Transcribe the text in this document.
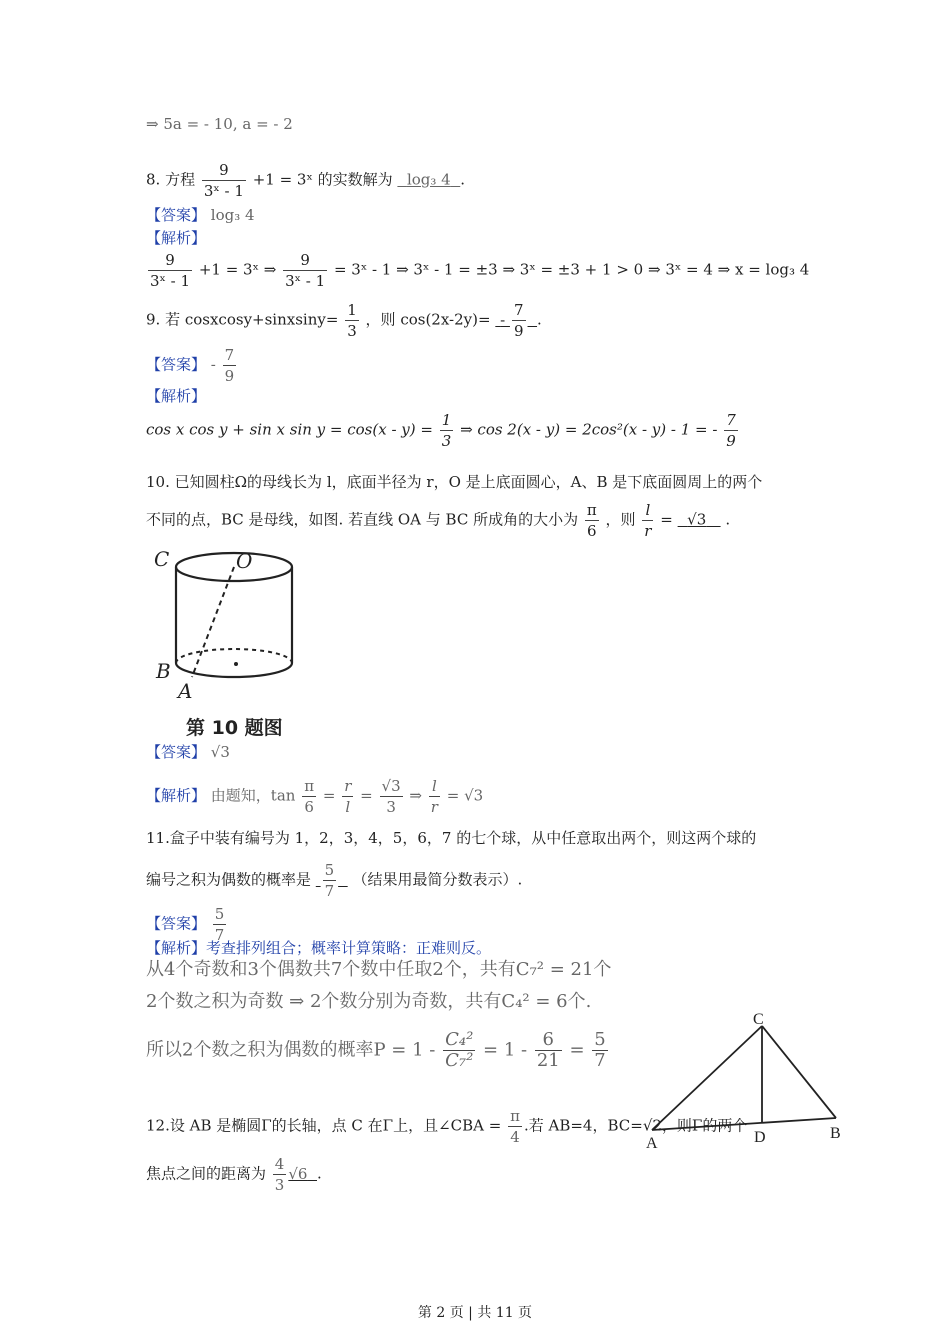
⇒ 5a = - 10, a = - 2
8. 方程 $\frac{9}{\text{3ˣ - 1}} +1$ = 3ˣ 的实数解为 log₃ 4 .
【答案】 log₃ 4
【解析】
$\frac{9}{\text{3ˣ - 1}} +1$ = 3ˣ ⇒ $\frac{9}{\text{3ˣ - 1}}$ = 3ˣ - 1 ⇒ 3ˣ - 1 = ±3 ⇒ 3ˣ = ±3 + 1 > 0 ⇒ 3ˣ = 4 ⇒ x = log₃ 4
9. 若 cosxcosy+sinxsiny= $\frac{1}{3}$ ，则 $\cos(2x-2y)= - \frac{7}{9}$ .
【答案】 - $\frac{7}{9}$
【解析】
cos x cos y + sin x $\sin y = \cos(x - y) = \frac{1}{3}$ ⇒ cos 2(x - y) = 2cos²(x - y) - 1 = - $\frac{7}{9}$
10. 已知圆柱Ω的母线长为 l，底面半径为 r，O 是上底面圆心，A、B 是下底面圆周上的两个
不同的点，BC 是母线，如图. 若直线 OA 与 BC 所成角的大小为 $\frac{\pi}{6}$ ，则 $\frac{l}{r} = √3$ .
C	O
B
A
第 10 题图
【答案】 √3
【解析】 由题知，$\tan \frac{\pi}{6} = \frac{r}{l} = \frac{√3}{3}$ ⇒ $\frac{l}{r} = √3$
11.盒子中装有编号为 1，2，3，4，5，6，7 的七个球，从中任意取出两个，则这两个球的
编号之积为偶数的概率是 $\frac{5}{7}$ （结果用最简分数表示）.
【答案】 $\frac{5}{7}$
【解析】考查排列组合；概率计算策略：正难则反。
从4个奇数和3个偶数共7个数中任取2个，共有C₇² = 21个
2个数之积为奇数 ⇒ 2个数分别为奇数，共有C₄² = 6个.
所以2个数之积为偶数的概率$P = 1 - \frac{\text{C₄²}}{\text{C₇²}} = 1 - \frac{6}{21} = \frac{5}{7}$
C
A	D	B
12.设 AB 是椭圆Γ的长轴，点 C 在Γ上，且∠CBA = $\frac{\pi}{4}$ .若 AB=4，BC=√2，则Γ的两个
焦点之间的距离为 $\frac{4}{3} √6$ .
第 2 页 | 共 11 页
